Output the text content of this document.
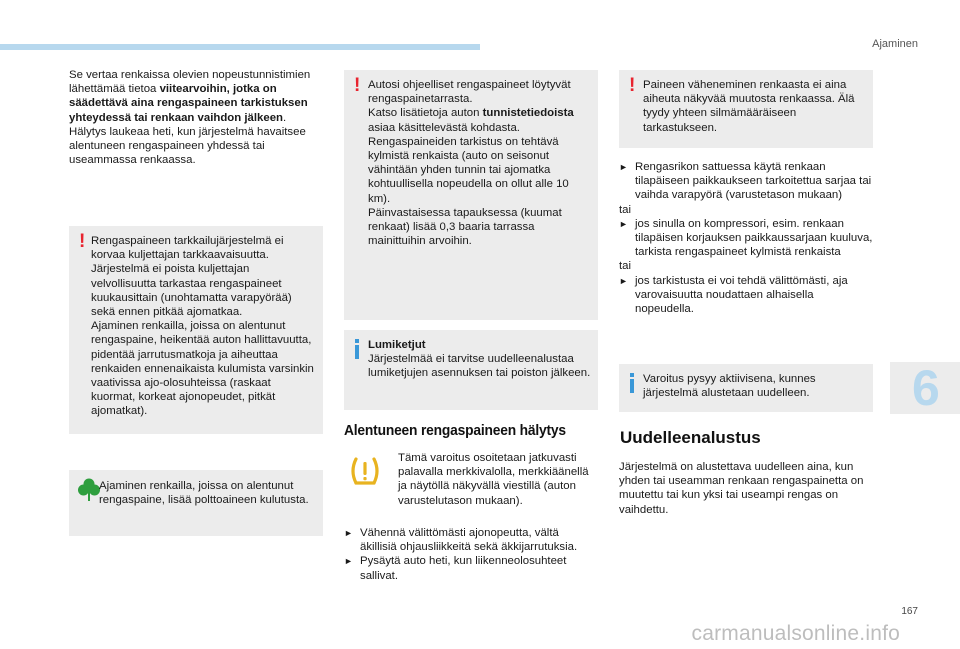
Ajaminen

Se vertaa renkaissa olevien nopeustunnistimien lähettämää tietoa viitearvoihin, jotka on säädettävä aina rengaspaineen tarkistuksen yhteydessä tai renkaan vaihdon jälkeen.

Hälytys laukeaa heti, kun järjestelmä havaitsee alentuneen rengaspaineen yhdessä tai useammassa renkaassa.

! Rengaspaineen tarkkailujärjestelmä ei korvaa kuljettajan tarkkaavaisuutta. Järjestelmä ei poista kuljettajan velvollisuutta tarkastaa rengaspaineet kuukausittain (unohtamatta varapyörää) sekä ennen pitkää ajomatkaa.

Ajaminen renkailla, joissa on alentunut rengaspaine, heikentää auton hallittavuutta, pidentää jarrutusmatkoja ja aiheuttaa renkaiden ennenaikaista kulumista varsinkin vaativissa ajo-olosuhteissa (raskaat kuormat, korkeat ajonopeudet, pitkät ajomatkat).

Ajaminen renkailla, joissa on alentunut rengaspaine, lisää polttoaineen kulutusta.
! Autosi ohjeelliset rengaspaineet löytyvät rengaspainetarrasta.

Katso lisätietoja auton tunnistetiedoista asiaa käsittelevästä kohdasta.

Rengaspaineiden tarkistus on tehtävä kylmistä renkaista (auto on seisonut vähintään yhden tunnin tai ajomatka kohtuullisella nopeudella on ollut alle 10 km).

Päinvastaisessa tapauksessa (kuumat renkaat) lisää 0,3 baaria tarrassa mainittuihin arvoihin.

Lumiketjut

Järjestelmää ei tarvitse uudelleenalustaa lumiketjujen asennuksen tai poiston jälkeen.

Alentuneen rengaspaineen hälytys
Tämä varoitus osoitetaan jatkuvasti palavalla merkkivalolla, merkkiäänellä ja näytöllä näkyvällä viestillä (auton varustelutason mukaan).
► Vähennä välittömästi ajonopeutta, vältä äkillisiä ohjausliikkeitä sekä äkkijarrutuksia.
► Pysäytä auto heti, kun liikenneolosuhteet sallivat.
! Paineen väheneminen renkaasta ei aina aiheuta näkyvää muutosta renkaassa. Älä tyydy yhteen silmämääräiseen tarkastukseen.
► Rengasrikon sattuessa käytä renkaan tilapäiseen paikkaukseen tarkoitettua sarjaa tai vaihda varapyörä (varustetason mukaan)

tai

► jos sinulla on kompressori, esim. renkaan tilapäisen korjauksen paikkaussarjaan kuuluva, tarkista rengaspaineet kylmistä renkaista

tai

► jos tarkistusta ei voi tehdä välittömästi, aja varovaisuutta noudattaen alhaisella nopeudella.
Varoitus pysyy aktiivisena, kunnes järjestelmä alustetaan uudelleen.
Uudelleenalustus
Järjestelmä on alustettava uudelleen aina, kun yhden tai useamman renkaan rengaspainetta on muutettu tai kun yksi tai useampi rengas on vaihdettu.
6
167
carmanualsonline.info
